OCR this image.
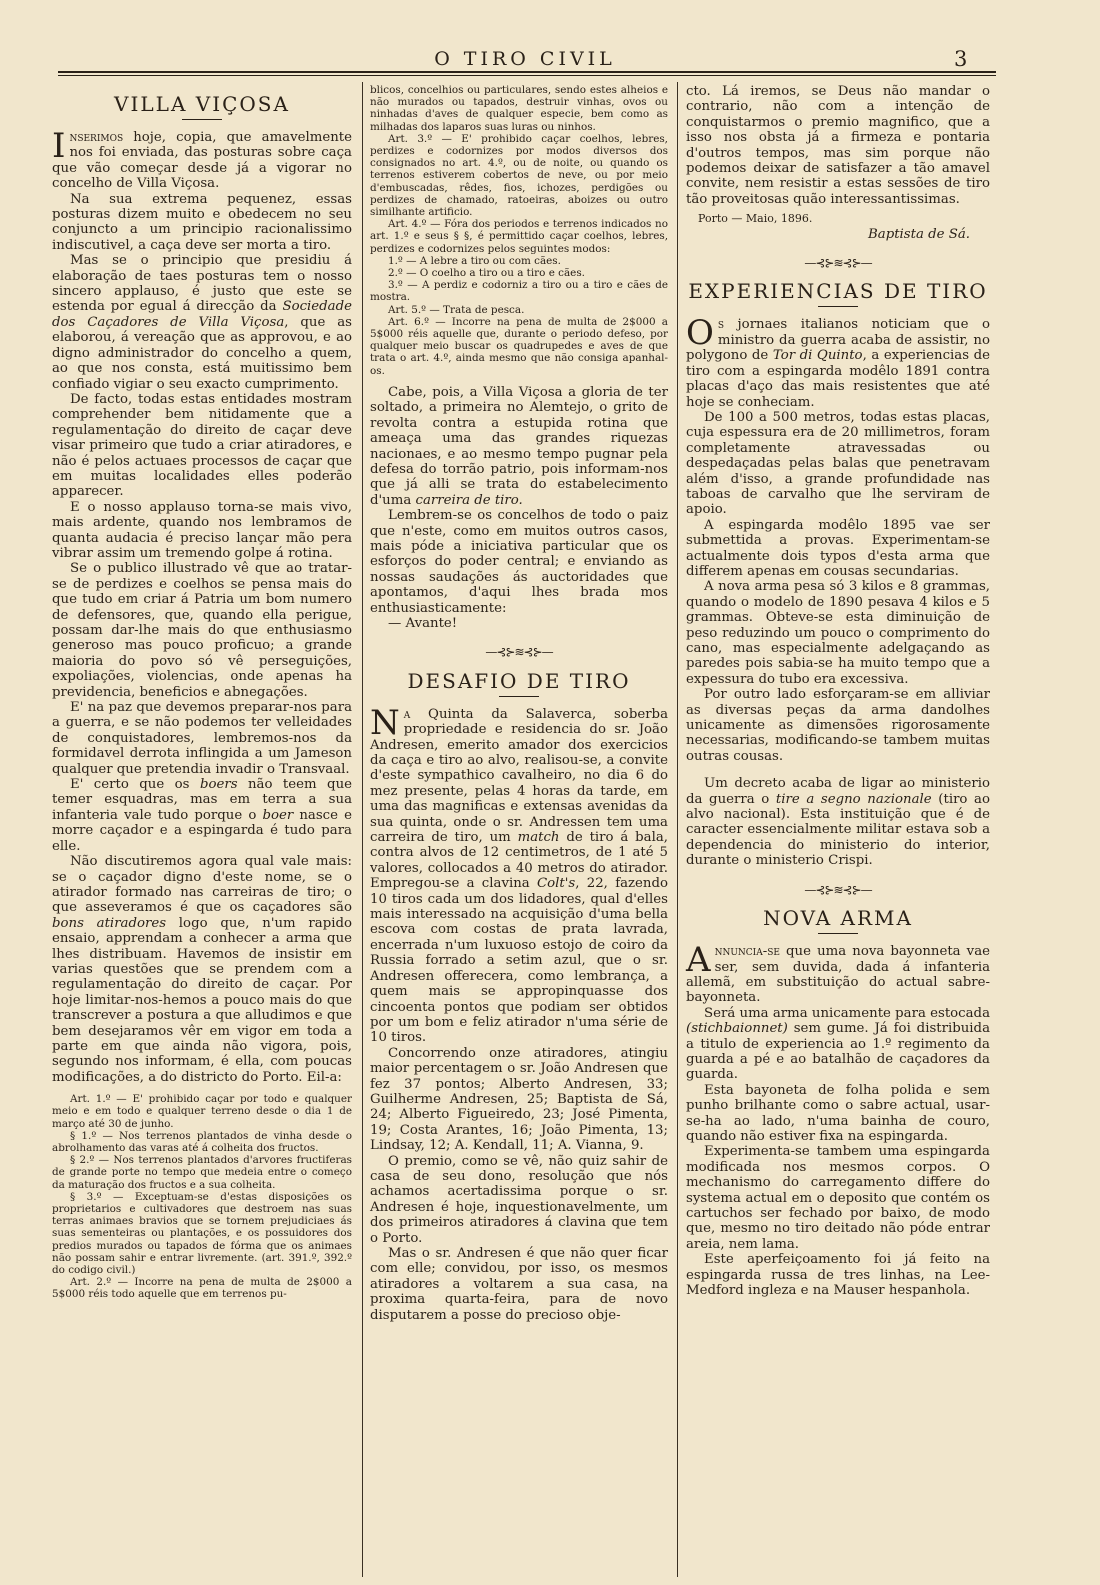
O TIRO CIVIL	3
VILLA VIÇOSA

Inserimos hoje, copia, que amavelmente nos foi enviada, das posturas sobre caça que vão começar desde já a vigorar no concelho de Villa Viçosa.

Na sua extrema pequenez, essas posturas dizem muito e obedecem no seu conjuncto a um principio racionalissimo indiscutivel, a caça deve ser morta a tiro.

Mas se o principio que presidiu á elaboração de taes posturas tem o nosso sincero applauso, é justo que este se estenda por egual á direcção da Sociedade dos Caçadores de Villa Viçosa, que as elaborou, á vereação que as approvou, e ao digno administrador do concelho a quem, ao que nos consta, está muitissimo bem confiado vigiar o seu exacto cumprimento.

De facto, todas estas entidades mostram comprehender bem nitidamente que a regulamentação do direito de caçar deve visar primeiro que tudo a criar atiradores, e não é pelos actuaes processos de caçar que em muitas localidades elles poderão apparecer.

E o nosso applauso torna-se mais vivo, mais ardente, quando nos lembramos de quanta audacia é preciso lançar mão pera vibrar assim um tremendo golpe á rotina.

Se o publico illustrado vê que ao tratar-se de perdizes e coelhos se pensa mais do que tudo em criar á Patria um bom numero de defensores, que, quando ella perigue, possam dar-lhe mais do que enthusiasmo generoso mas pouco proficuo; a grande maioria do povo só vê perseguições, expoliações, violencias, onde apenas ha previdencia, beneficios e abnegações.

E' na paz que devemos preparar-nos para a guerra, e se não podemos ter velleidades de conquistadores, lembremos-nos da formidavel derrota inflingida a um Jameson qualquer que pretendia invadir o Transvaal.

E' certo que os boers não teem que temer esquadras, mas em terra a sua infanteria vale tudo porque o boer nasce e morre caçador e a espingarda é tudo para elle.

Não discutiremos agora qual vale mais: se o caçador digno d'este nome, se o atirador formado nas carreiras de tiro; o que asseveramos é que os caçadores são bons atiradores logo que, n'um rapido ensaio, apprendam a conhecer a arma que lhes distribuam. Havemos de insistir em varias questões que se prendem com a regulamentação do direito de caçar. Por hoje limitar-nos-hemos a pouco mais do que transcrever a postura a que alludimos e que bem desejaramos vêr em vigor em toda a parte em que ainda não vigora, pois, segundo nos informam, é ella, com poucas modificações, a do districto do Porto. Eil-a:

Art. 1.º — E' prohibido caçar por todo e qualquer meio e em todo e qualquer terreno desde o dia 1 de março até 30 de junho.

§ 1.º — Nos terrenos plantados de vinha desde o abrolhamento das varas até á colheita dos fructos.

§ 2.º — Nos terrenos plantados d'arvores fructiferas de grande porte no tempo que medeia entre o começo da maturação dos fructos e a sua colheita.

§ 3.º — Exceptuam-se d'estas disposições os proprietarios e cultivadores que destroem nas suas terras animaes bravios que se tornem prejudiciaes ás suas sementeiras ou plantações, e os possuidores dos predios murados ou tapados de fórma que os animaes não possam sahir e entrar livremente. (art. 391.º, 392.º do codigo civil.)

Art. 2.º — Incorre na pena de multa de 2$000 a 5$000 réis todo aquelle que em terrenos pu-

blicos, concelhios ou particulares, sendo estes alheios e não murados ou tapados, destruir vinhas, ovos ou ninhadas d'aves de qualquer especie, bem como as milhadas dos laparos suas luras ou ninhos.

Art. 3.º — E' prohibido caçar coelhos, lebres, perdizes e codornizes por modos diversos dos consignados no art. 4.º, ou de noite, ou quando os terrenos estiverem cobertos de neve, ou por meio d'embuscadas, rêdes, fios, ichozes, perdigões ou perdizes de chamado, ratoeiras, aboizes ou outro similhante artificio.

Art. 4.º — Fóra dos periodos e terrenos indicados no art. 1.º e seus § §, é permittido caçar coelhos, lebres, perdizes e codornizes pelos seguintes modos:

1.º — A lebre a tiro ou com cães.

2.º — O coelho a tiro ou a tiro e cães.

3.º — A perdiz e codorniz a tiro ou a tiro e cães de mostra.

Art. 5.º — Trata de pesca.

Art. 6.º — Incorre na pena de multa de 2$000 a 5$000 réis aquelle que, durante o periodo defeso, por qualquer meio buscar os quadrupedes e aves de que trata o art. 4.º, ainda mesmo que não consiga apanhal-os.

Cabe, pois, a Villa Viçosa a gloria de ter soltado, a primeira no Alemtejo, o grito de revolta contra a estupida rotina que ameaça uma das grandes riquezas nacionaes, e ao mesmo tempo pugnar pela defesa do torrão patrio, pois informam-nos que já alli se trata do estabelecimento d'uma carreira de tiro.

Lembrem-se os concelhos de todo o paiz que n'este, como em muitos outros casos, mais póde a iniciativa particular que os esforços do poder central; e enviando as nossas saudações ás auctoridades que apontamos, d'aqui lhes brada mos enthusiasticamente:

— Avante!

—⊰⊱≋⊰⊱—
DESAFIO DE TIRO

Na Quinta da Salaverca, soberba propriedade e residencia do sr. João Andresen, emerito amador dos exercicios da caça e tiro ao alvo, realisou-se, a convite d'este sympathico cavalheiro, no dia 6 do mez presente, pelas 4 horas da tarde, em uma das magnificas e extensas avenidas da sua quinta, onde o sr. Andressen tem uma carreira de tiro, um match de tiro á bala, contra alvos de 12 centimetros, de 1 até 5 valores, collocados a 40 metros do atirador. Empregou-se a clavina Colt's, 22, fazendo 10 tiros cada um dos lidadores, qual d'elles mais interessado na acquisição d'uma bella escova com costas de prata lavrada, encerrada n'um luxuoso estojo de coiro da Russia forrado a setim azul, que o sr. Andresen offerecera, como lembrança, a quem mais se appropinquasse dos cincoenta pontos que podiam ser obtidos por um bom e feliz atirador n'uma série de 10 tiros.

Concorrendo onze atiradores, atingiu maior percentagem o sr. João Andresen que fez 37 pontos; Alberto Andresen, 33; Guilherme Andresen, 25; Baptista de Sá, 24; Alberto Figueiredo, 23; José Pimenta, 19; Costa Arantes, 16; João Pimenta, 13; Lindsay, 12; A. Kendall, 11; A. Vianna, 9.

O premio, como se vê, não quiz sahir de casa de seu dono, resolução que nós achamos acertadissima porque o sr. Andresen é hoje, inquestionavelmente, um dos primeiros atiradores á clavina que tem o Porto.

Mas o sr. Andresen é que não quer ficar com elle; convidou, por isso, os mesmos atiradores a voltarem a sua casa, na proxima quarta-feira, para de novo disputarem a posse do precioso obje-

cto. Lá iremos, se Deus não mandar o contrario, não com a intenção de conquistarmos o premio magnifico, que a isso nos obsta já a firmeza e pontaria d'outros tempos, mas sim porque não podemos deixar de satisfazer a tão amavel convite, nem resistir a estas sessões de tiro tão proveitosas quão interessantissimas.

Porto — Maio, 1896.

Baptista de Sá.

—⊰⊱≋⊰⊱—
EXPERIENCIAS DE TIRO

Os jornaes italianos noticiam que o ministro da guerra acaba de assistir, no polygono de Tor di Quinto, a experiencias de tiro com a espingarda modêlo 1891 contra placas d'aço das mais resistentes que até hoje se conheciam.

De 100 a 500 metros, todas estas placas, cuja espessura era de 20 millimetros, foram completamente atravessadas ou despedaçadas pelas balas que penetravam além d'isso, a grande profundidade nas taboas de carvalho que lhe serviram de apoio.

A espingarda modêlo 1895 vae ser submettida a provas. Experimentam-se actualmente dois typos d'esta arma que differem apenas em cousas secundarias.

A nova arma pesa só 3 kilos e 8 grammas, quando o modelo de 1890 pesava 4 kilos e 5 grammas. Obteve-se esta diminuição de peso reduzindo um pouco o comprimento do cano, mas especialmente adelgaçando as paredes pois sabia-se ha muito tempo que a expessura do tubo era excessiva.

Por outro lado esforçaram-se em alliviar as diversas peças da arma dandolhes unicamente as dimensões rigorosamente necessarias, modificando-se tambem muitas outras cousas.

Um decreto acaba de ligar ao ministerio da guerra o tire a segno nazionale (tiro ao alvo nacional). Esta instituição que é de caracter essencialmente militar estava sob a dependencia do ministerio do interior, durante o ministerio Crispi.

—⊰⊱≋⊰⊱—
NOVA ARMA

Annuncia-se que uma nova bayonneta vae ser, sem duvida, dada á infanteria allemã, em substituição do actual sabre-bayonneta.

Será uma arma unicamente para estocada (stichbaionnet) sem gume. Já foi distribuida a titulo de experiencia ao 1.º regimento da guarda a pé e ao batalhão de caçadores da guarda.

Esta bayoneta de folha polida e sem punho brilhante como o sabre actual, usar-se-ha ao lado, n'uma bainha de couro, quando não estiver fixa na espingarda.

Experimenta-se tambem uma espingarda modificada nos mesmos corpos. O mechanismo do carregamento differe do systema actual em o deposito que contém os cartuchos ser fechado por baixo, de modo que, mesmo no tiro deitado não póde entrar areia, nem lama.

Este aperfeiçoamento foi já feito na espingarda russa de tres linhas, na Lee-Medford ingleza e na Mauser hespanhola.
